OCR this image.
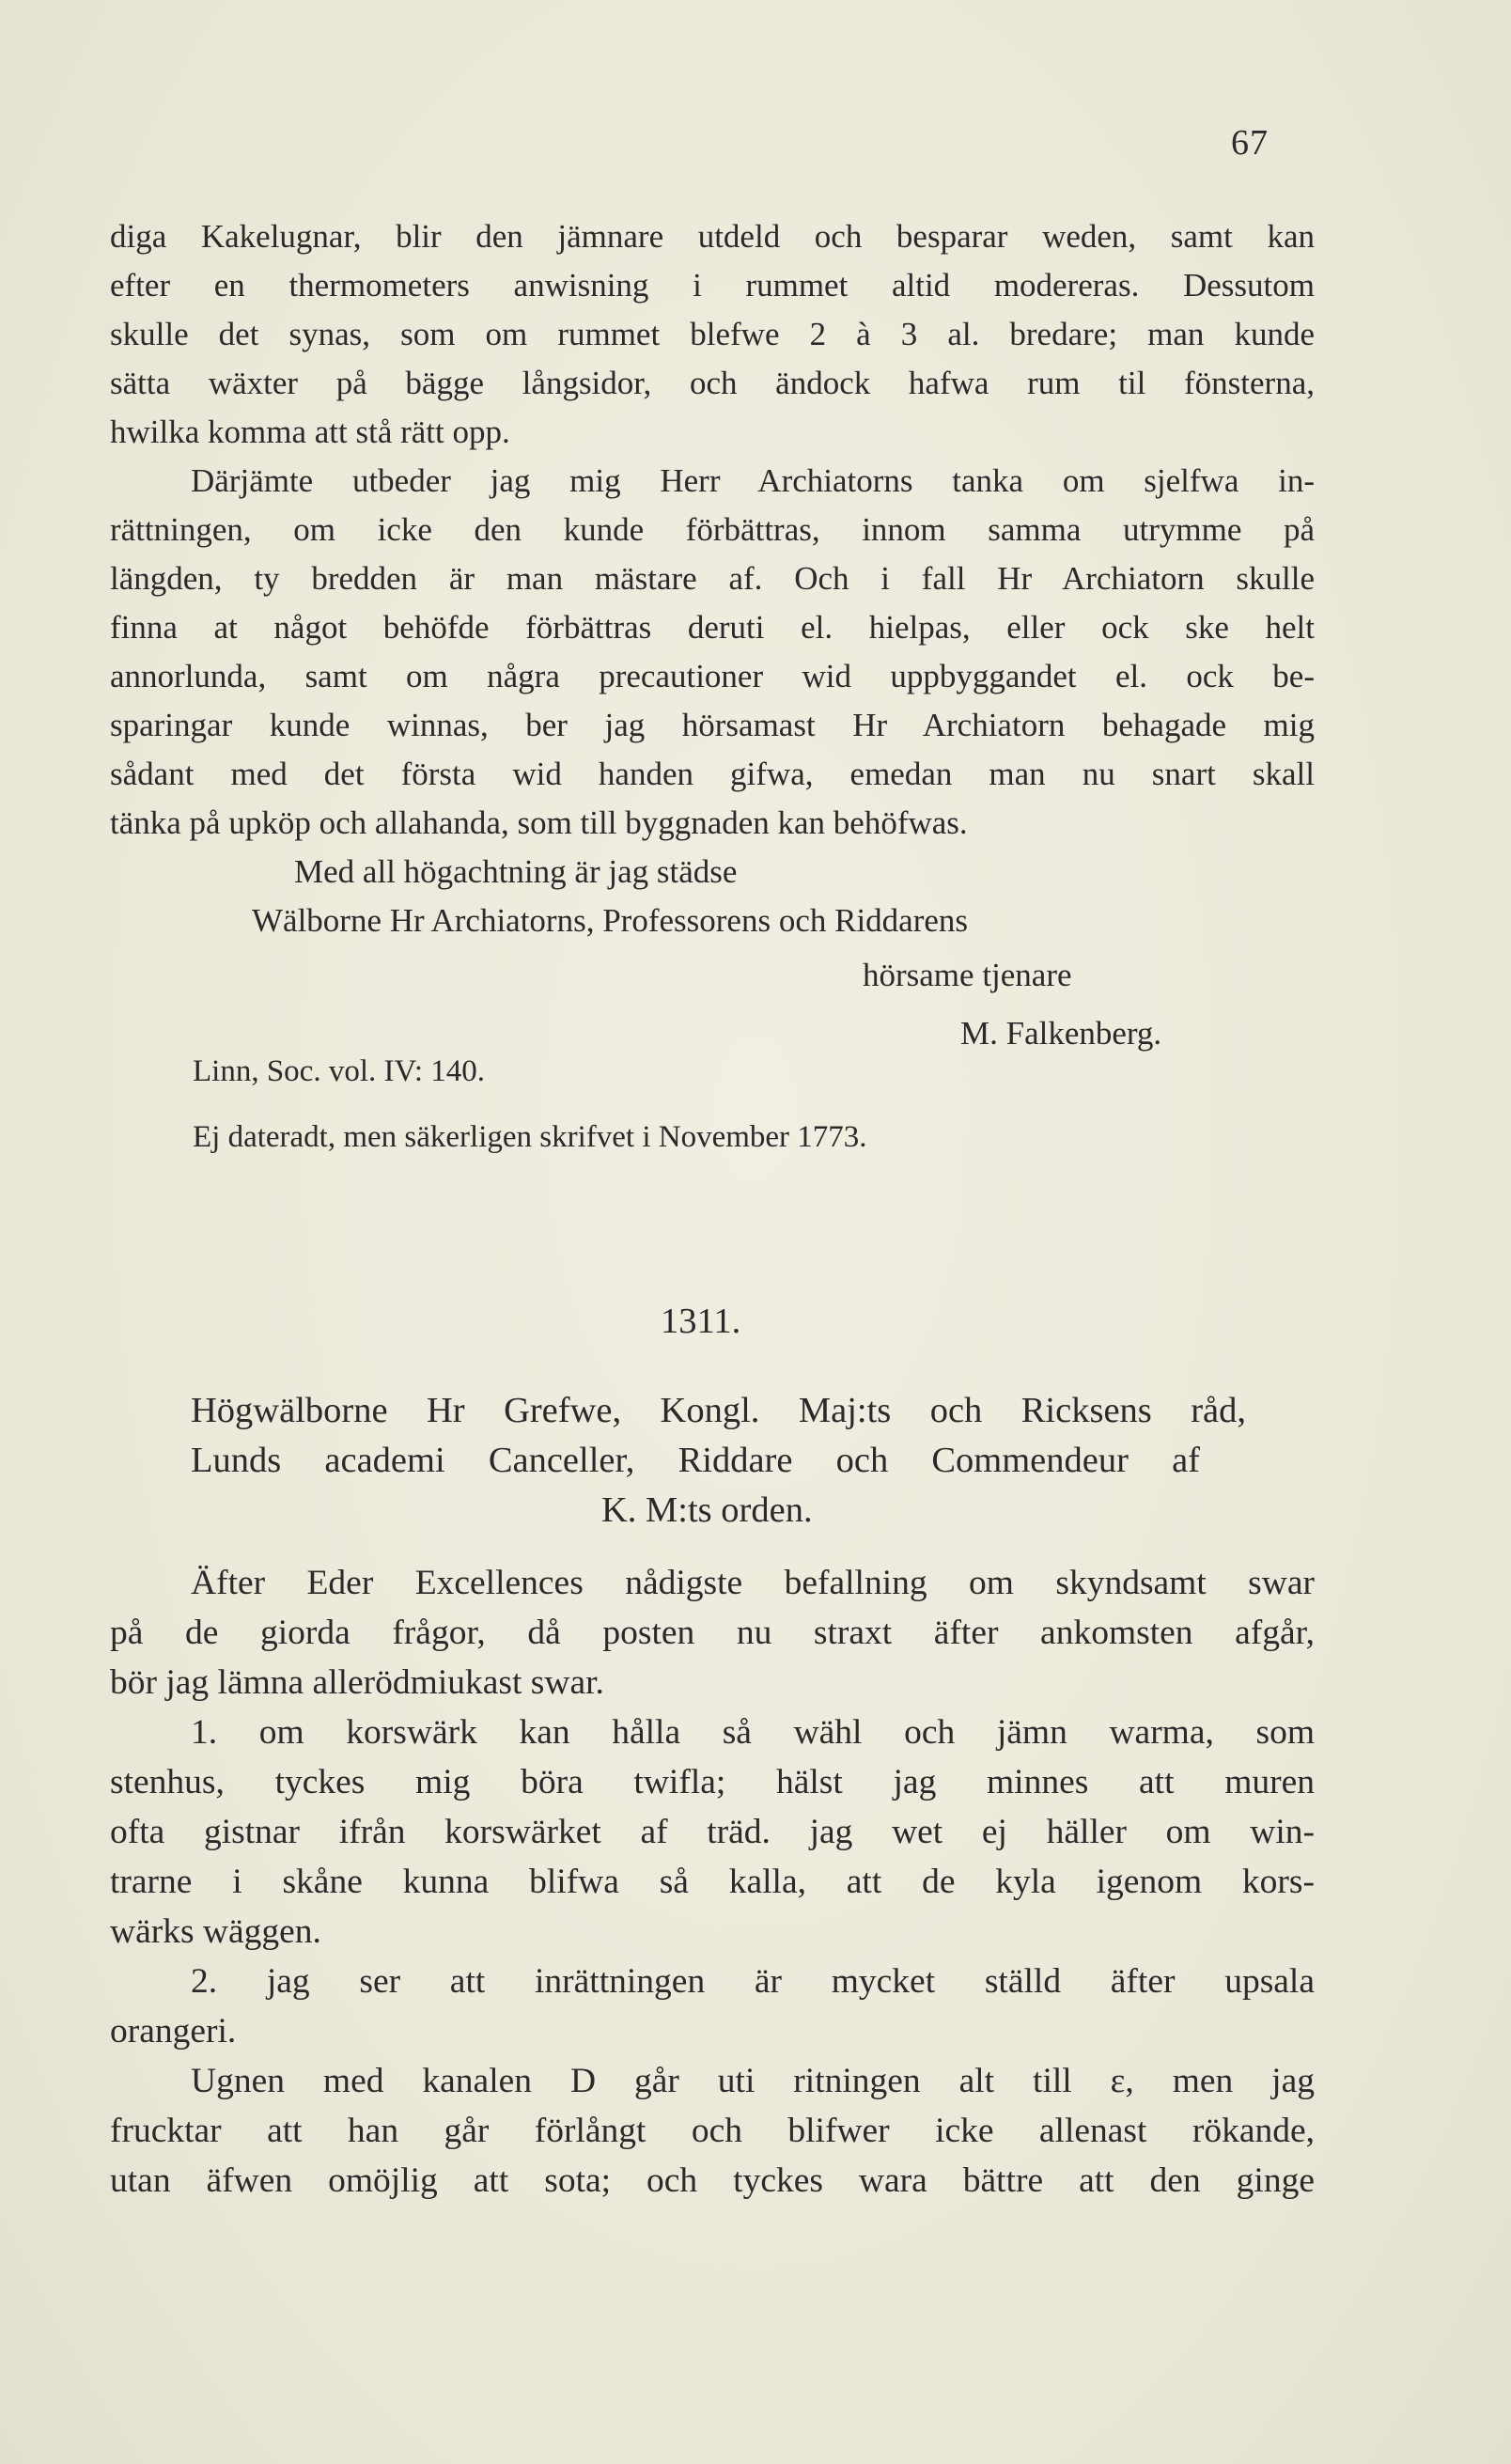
67
diga Kakelugnar, blir den jämnare utdeld och besparar weden, samt kan
efter en thermometers anwisning i rummet altid modereras. Dessutom
skulle det synas, som om rummet blefwe 2 à 3 al. bredare; man kunde
sätta wäxter på bägge långsidor, och ändock hafwa rum til fönsterna,
hwilka komma att stå rätt opp.
Därjämte utbeder jag mig Herr Archiatorns tanka om sjelfwa in-
rättningen, om icke den kunde förbättras, innom samma utrymme på
längden, ty bredden är man mästare af. Och i fall Hr Archiatorn skulle
finna at något behöfde förbättras deruti el. hielpas, eller ock ske helt
annorlunda, samt om några precautioner wid uppbyggandet el. ock be-
sparingar kunde winnas, ber jag hörsamast Hr Archiatorn behagade mig
sådant med det första wid handen gifwa, emedan man nu snart skall
tänka på upköp och allahanda, som till byggnaden kan behöfwas.
Med all högachtning är jag städse
Wälborne Hr Archiatorns, Professorens och Riddarens
hörsame tjenare
M. Falkenberg.
Linn, Soc. vol. IV: 140.
Ej dateradt, men säkerligen skrifvet i November 1773.
1311.
Högwälborne Hr Grefwe, Kongl. Maj:ts och Ricksens råd,
Lunds academi Canceller, Riddare och Commendeur af
K. M:ts orden.
Äfter Eder Excellences nådigste befallning om skyndsamt swar
på de giorda frågor, då posten nu straxt äfter ankomsten afgår,
bör jag lämna allerödmiukast swar.
1. om korswärk kan hålla så wähl och jämn warma, som
stenhus, tyckes mig böra twifla; hälst jag minnes att muren
ofta gistnar ifrån korswärket af träd. jag wet ej häller om win-
trarne i skåne kunna blifwa så kalla, att de kyla igenom kors-
wärks wäggen.
2. jag ser att inrättningen är mycket ställd äfter upsala
orangeri.
Ugnen med kanalen D går uti ritningen alt till ε, men jag
frucktar att han går förlångt och blifwer icke allenast rökande,
utan äfwen omöjlig att sota; och tyckes wara bättre att den ginge
